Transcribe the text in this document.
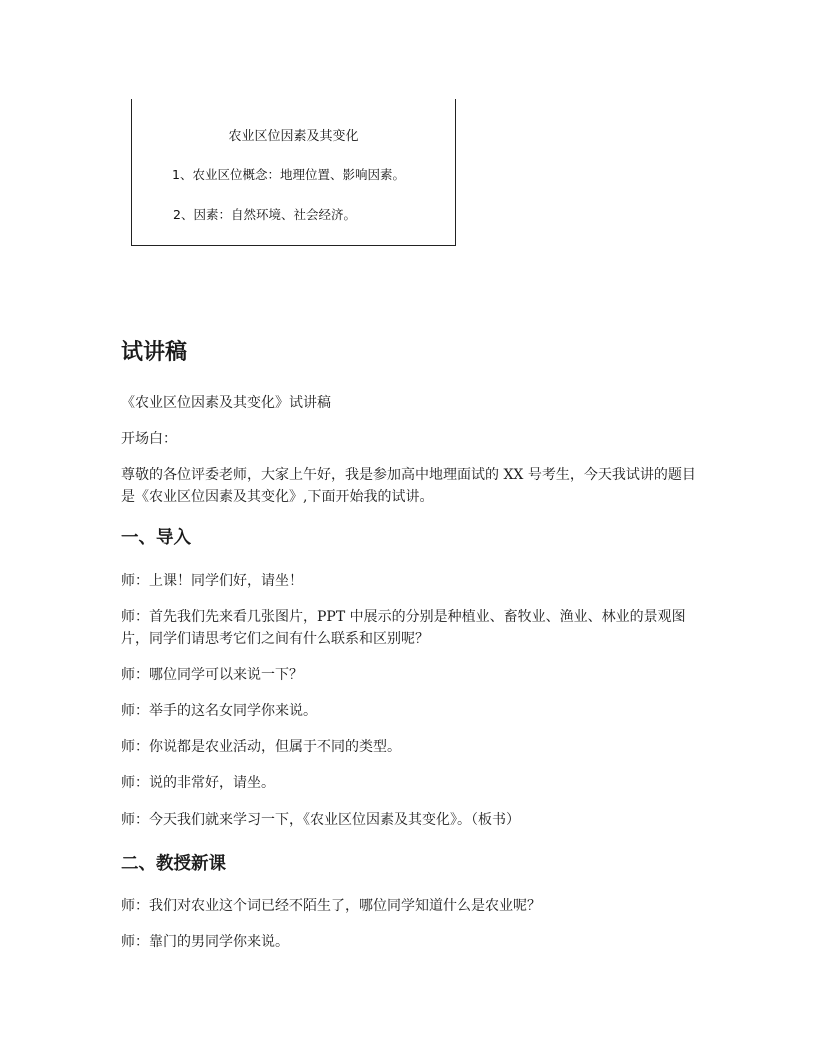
农业区位因素及其变化
1、农业区位概念：地理位置、影响因素。
2、因素：自然环境、社会经济。
试讲稿

《农业区位因素及其变化》试讲稿

开场白：

尊敬的各位评委老师，大家上午好，我是参加高中地理面试的 XX 号考生，今天我试讲的题目是《农业区位因素及其变化》,下面开始我的试讲。

一、导入

师：上课！同学们好，请坐！

师：首先我们先来看几张图片，PPT 中展示的分别是种植业、畜牧业、渔业、林业的景观图片，同学们请思考它们之间有什么联系和区别呢？

师：哪位同学可以来说一下？

师：举手的这名女同学你来说。

师：你说都是农业活动，但属于不同的类型。

师：说的非常好，请坐。

师：今天我们就来学习一下，《农业区位因素及其变化》。（板书）

二、教授新课

师：我们对农业这个词已经不陌生了，哪位同学知道什么是农业呢？

师：靠门的男同学你来说。
